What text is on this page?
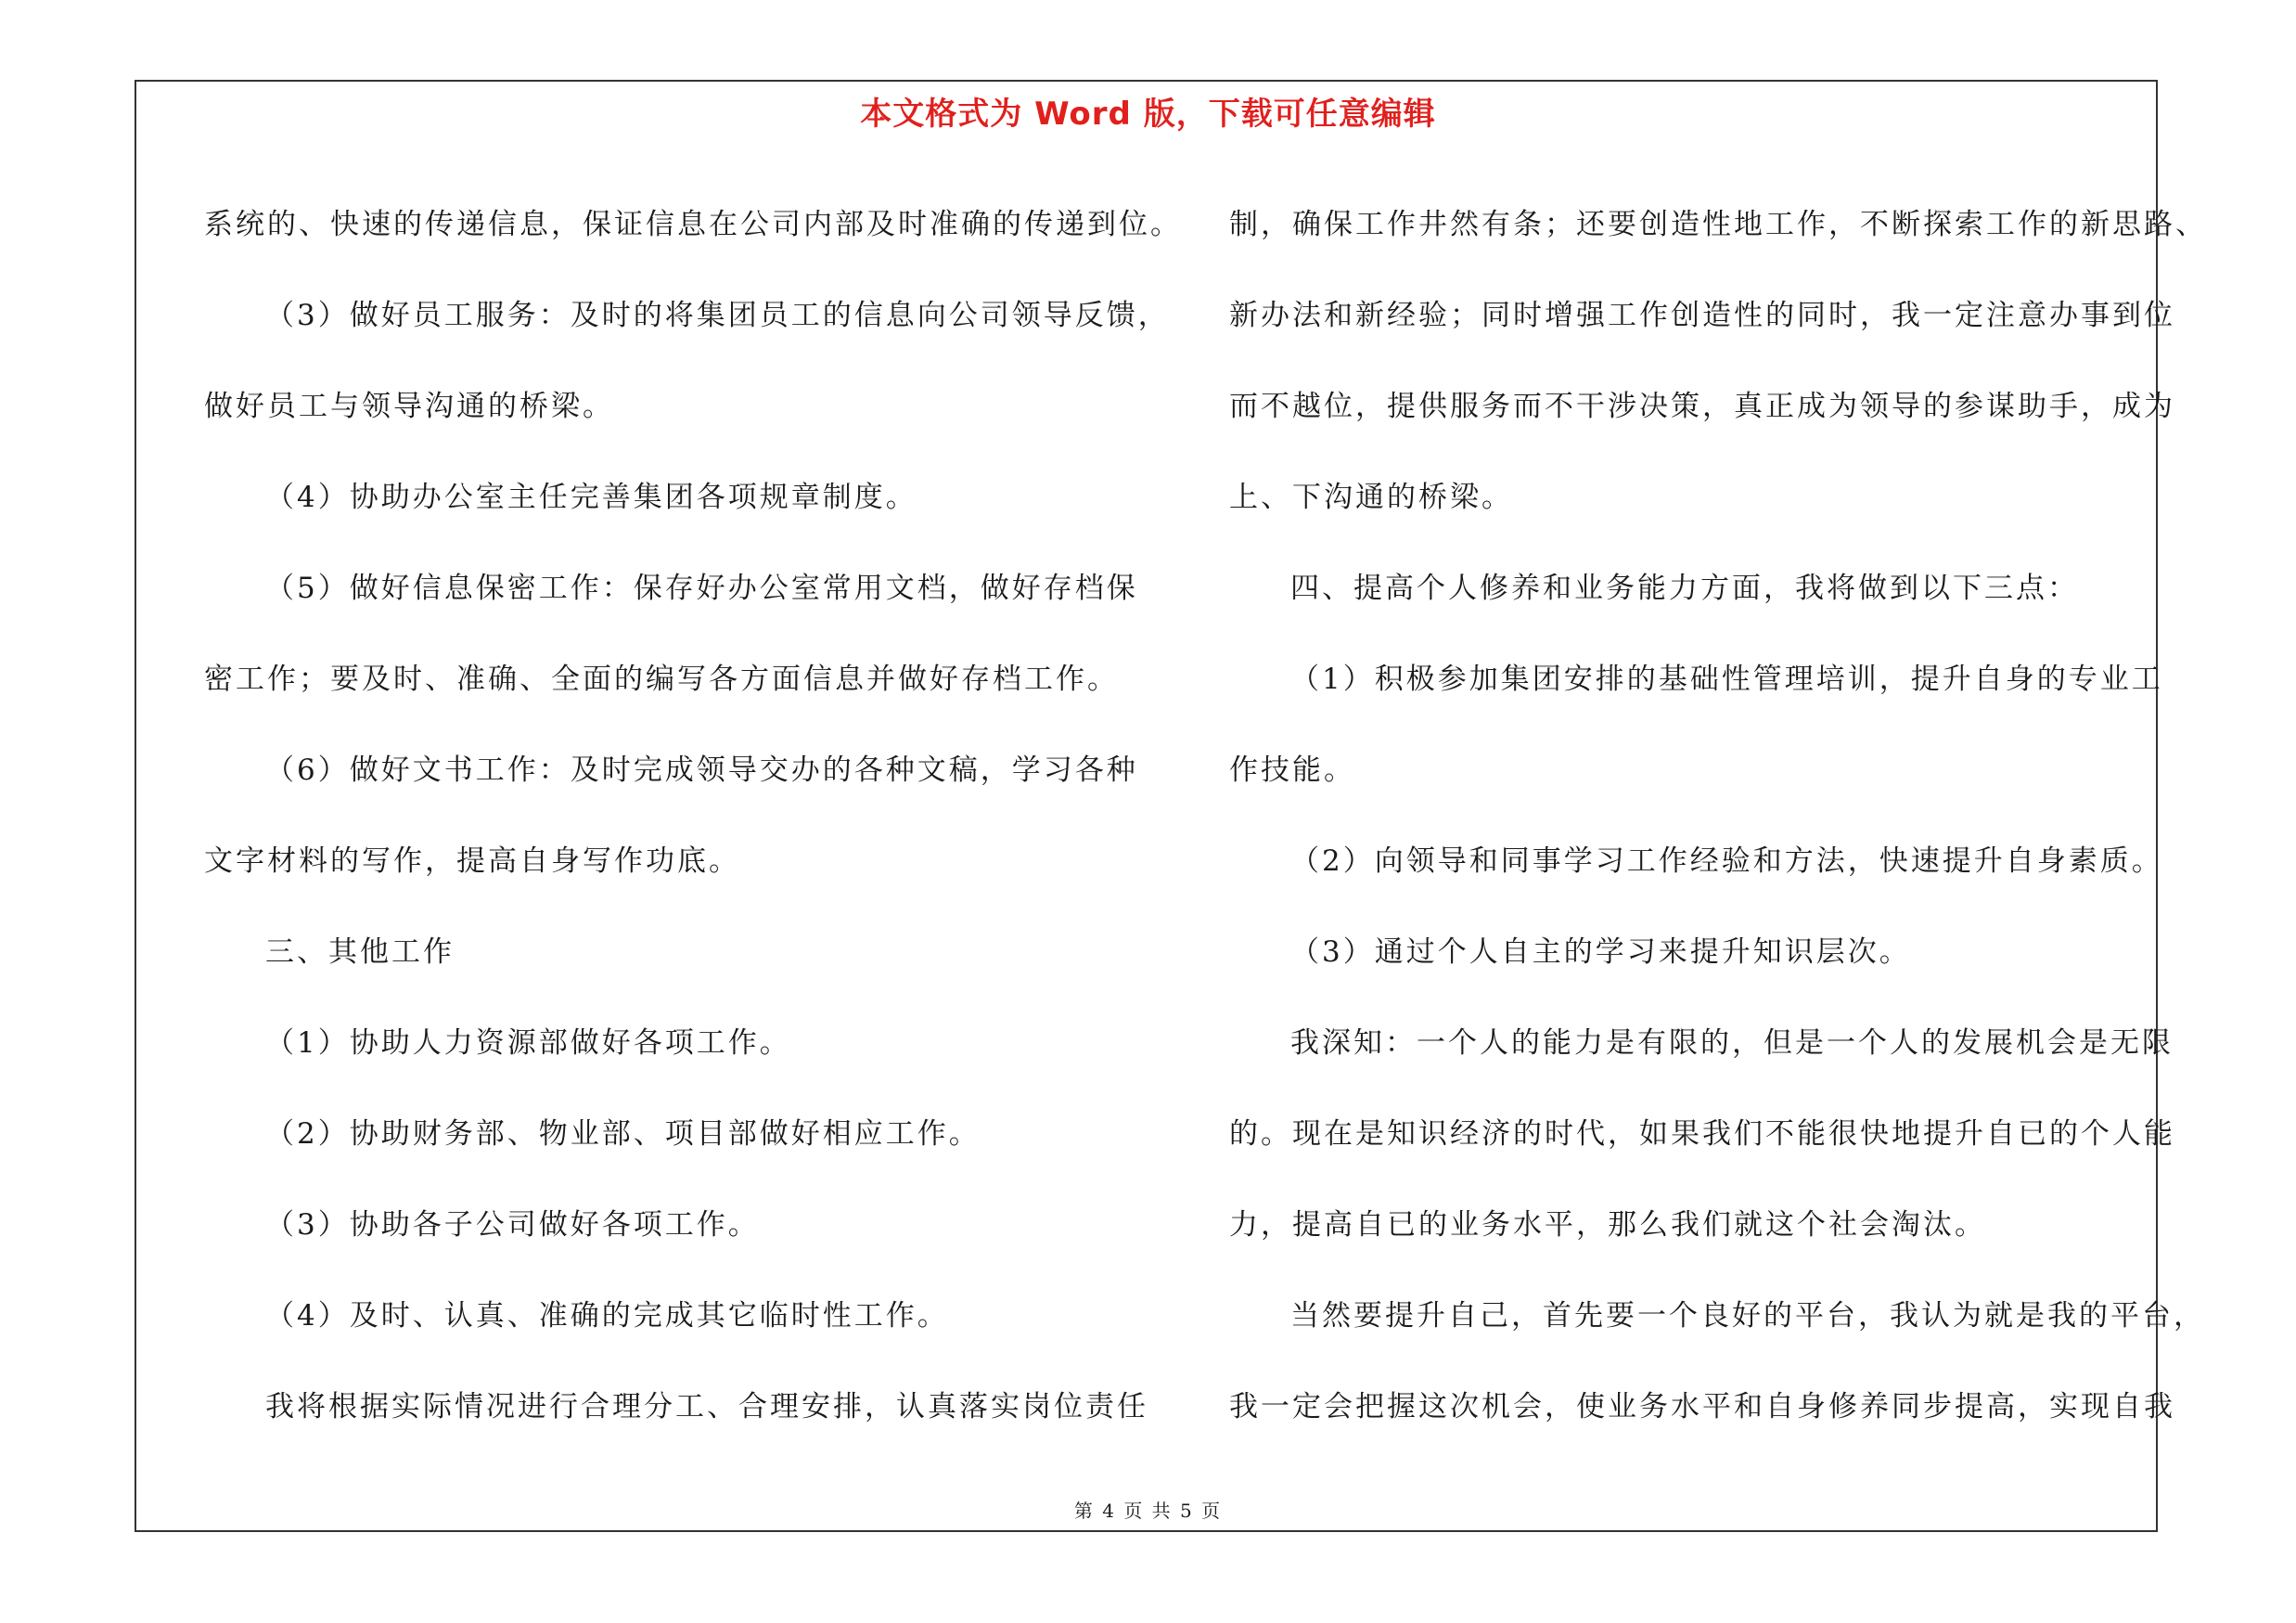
本文格式为 Word 版，下载可任意编辑
系统的、快速的传递信息，保证信息在公司内部及时准确的传递到位。
（3）做好员工服务：及时的将集团员工的信息向公司领导反馈，
做好员工与领导沟通的桥梁。
（4）协助办公室主任完善集团各项规章制度。
（5）做好信息保密工作：保存好办公室常用文档，做好存档保
密工作；要及时、准确、全面的编写各方面信息并做好存档工作。
（6）做好文书工作：及时完成领导交办的各种文稿，学习各种
文字材料的写作，提高自身写作功底。
三、其他工作
（1）协助人力资源部做好各项工作。
（2）协助财务部、物业部、项目部做好相应工作。
（3）协助各子公司做好各项工作。
（4）及时、认真、准确的完成其它临时性工作。
我将根据实际情况进行合理分工、合理安排，认真落实岗位责任
制，确保工作井然有条；还要创造性地工作，不断探索工作的新思路、
新办法和新经验；同时增强工作创造性的同时，我一定注意办事到位
而不越位，提供服务而不干涉决策，真正成为领导的参谋助手，成为
上、下沟通的桥梁。
四、提高个人修养和业务能力方面，我将做到以下三点：
（1）积极参加集团安排的基础性管理培训，提升自身的专业工
作技能。
（2）向领导和同事学习工作经验和方法，快速提升自身素质。
（3）通过个人自主的学习来提升知识层次。
我深知：一个人的能力是有限的，但是一个人的发展机会是无限
的。现在是知识经济的时代，如果我们不能很快地提升自已的个人能
力，提高自已的业务水平，那么我们就这个社会淘汰。
当然要提升自己，首先要一个良好的平台，我认为就是我的平台，
我一定会把握这次机会，使业务水平和自身修养同步提高，实现自我
第 4 页 共 5 页
